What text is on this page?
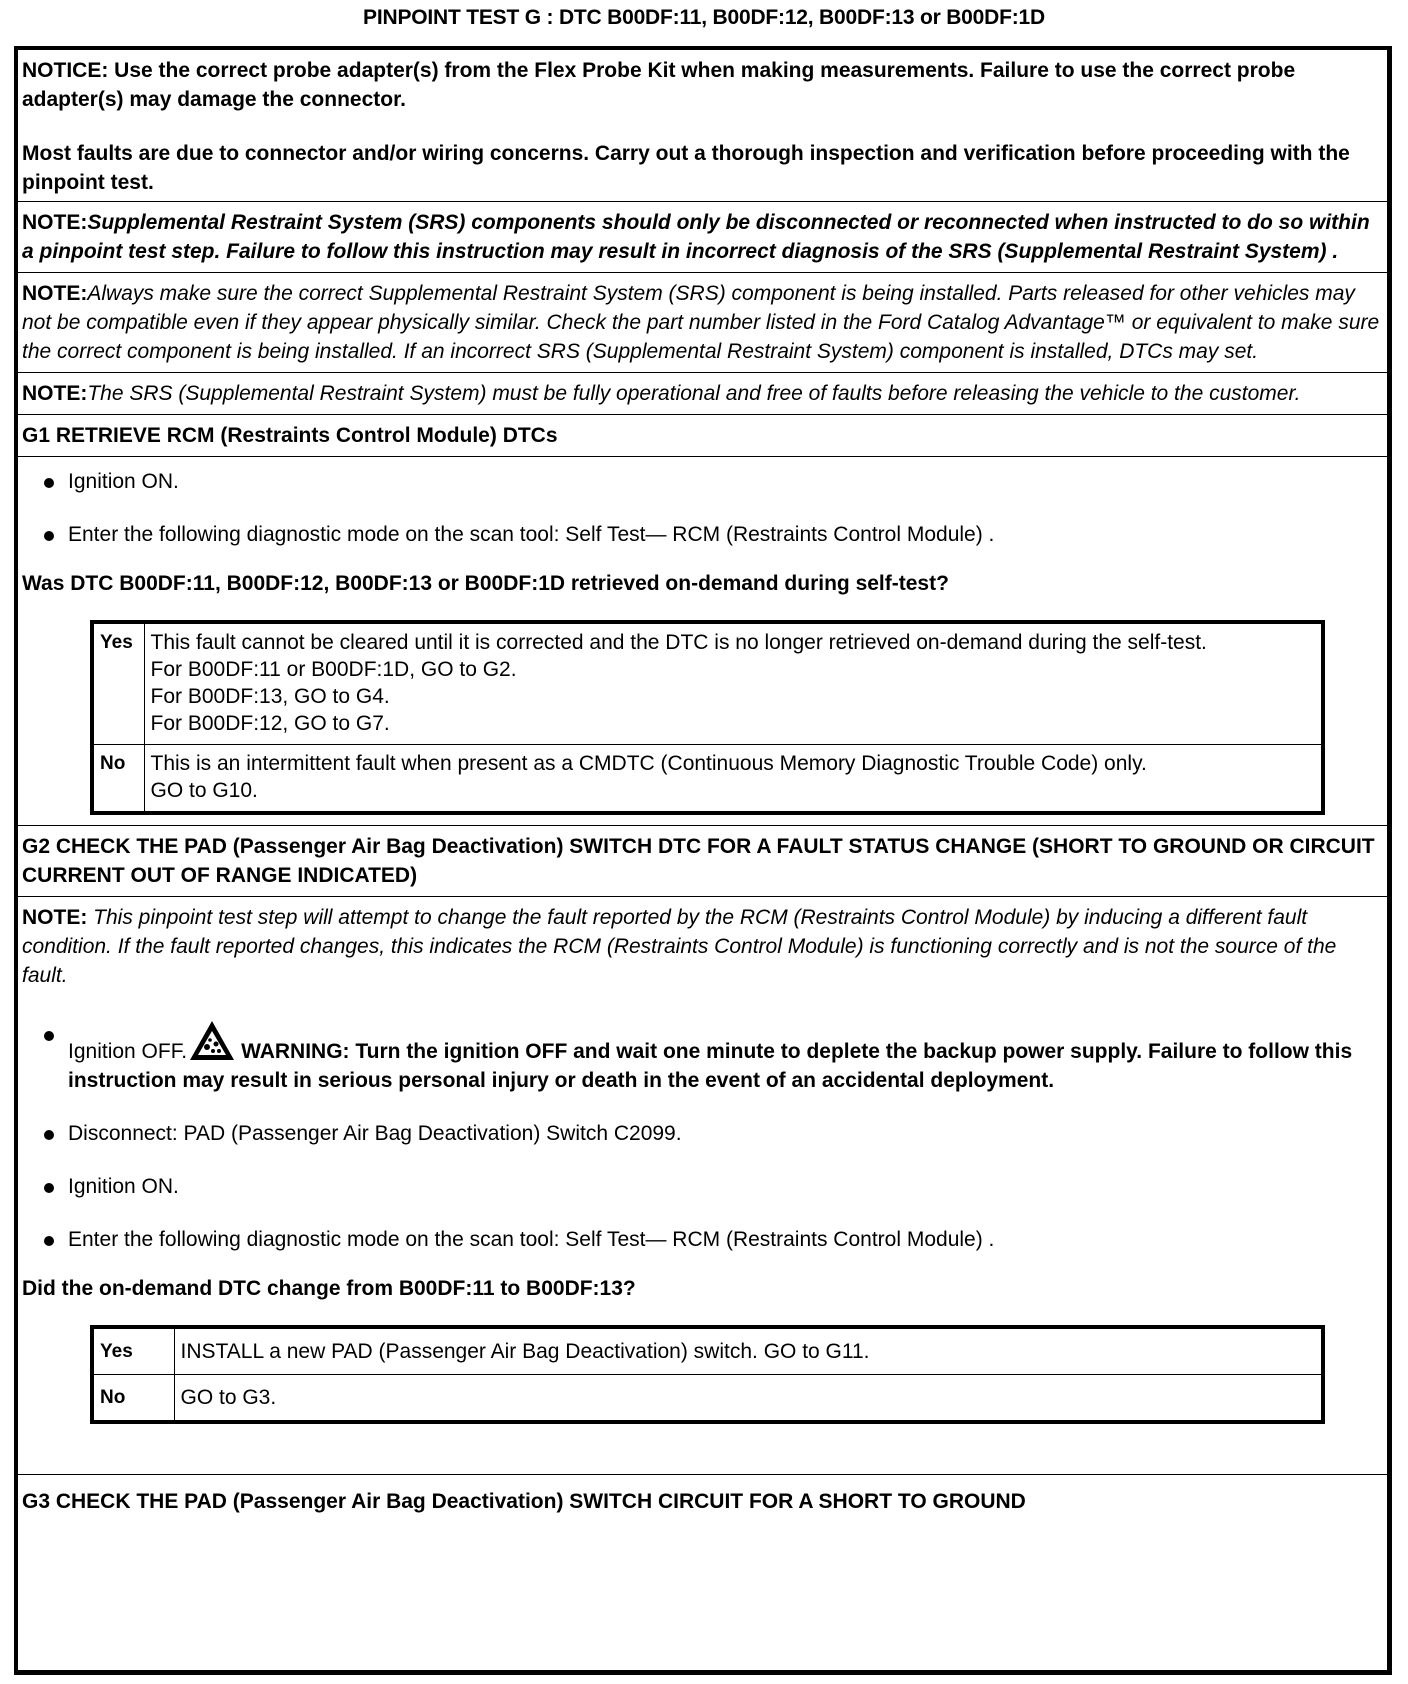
PINPOINT TEST G : DTC B00DF:11, B00DF:12, B00DF:13 or B00DF:1D
NOTICE: Use the correct probe adapter(s) from the Flex Probe Kit when making measurements. Failure to use the correct probe adapter(s) may damage the connector.
Most faults are due to connector and/or wiring concerns. Carry out a thorough inspection and verification before proceeding with the pinpoint test.
NOTE:Supplemental Restraint System (SRS) components should only be disconnected or reconnected when instructed to do so within a pinpoint test step. Failure to follow this instruction may result in incorrect diagnosis of the SRS (Supplemental Restraint System) .
NOTE:Always make sure the correct Supplemental Restraint System (SRS) component is being installed. Parts released for other vehicles may not be compatible even if they appear physically similar. Check the part number listed in the Ford Catalog Advantage™ or equivalent to make sure the correct component is being installed. If an incorrect SRS (Supplemental Restraint System) component is installed, DTCs may set.
NOTE:The SRS (Supplemental Restraint System) must be fully operational and free of faults before releasing the vehicle to the customer.
G1 RETRIEVE RCM (Restraints Control Module) DTCs
Ignition ON.
Enter the following diagnostic mode on the scan tool: Self Test— RCM (Restraints Control Module) .
Was DTC B00DF:11, B00DF:12, B00DF:13 or B00DF:1D retrieved on-demand during self-test?
Yes	This fault cannot be cleared until it is corrected and the DTC is no longer retrieved on-demand during the self-test.
For B00DF:11 or B00DF:1D, GO to G2.
For B00DF:13, GO to G4.
For B00DF:12, GO to G7.

No	This is an intermittent fault when present as a CMDTC (Continuous Memory Diagnostic Trouble Code) only.
GO to G10.
G2 CHECK THE PAD (Passenger Air Bag Deactivation) SWITCH DTC FOR A FAULT STATUS CHANGE (SHORT TO GROUND OR CIRCUIT CURRENT OUT OF RANGE INDICATED)
NOTE: This pinpoint test step will attempt to change the fault reported by the RCM (Restraints Control Module) by inducing a different fault condition. If the fault reported changes, this indicates the RCM (Restraints Control Module) is functioning correctly and is not the source of the fault.
Ignition OFF.	WARNING: Turn the ignition OFF and wait one minute to deplete the backup power supply. Failure to follow this instruction may result in serious personal injury or death in the event of an accidental deployment.
Disconnect: PAD (Passenger Air Bag Deactivation) Switch C2099.
Ignition ON.
Enter the following diagnostic mode on the scan tool: Self Test— RCM (Restraints Control Module) .
Did the on-demand DTC change from B00DF:11 to B00DF:13?
Yes	INSTALL a new PAD (Passenger Air Bag Deactivation) switch. GO to G11.
No	GO to G3.
G3 CHECK THE PAD (Passenger Air Bag Deactivation) SWITCH CIRCUIT FOR A SHORT TO GROUND
